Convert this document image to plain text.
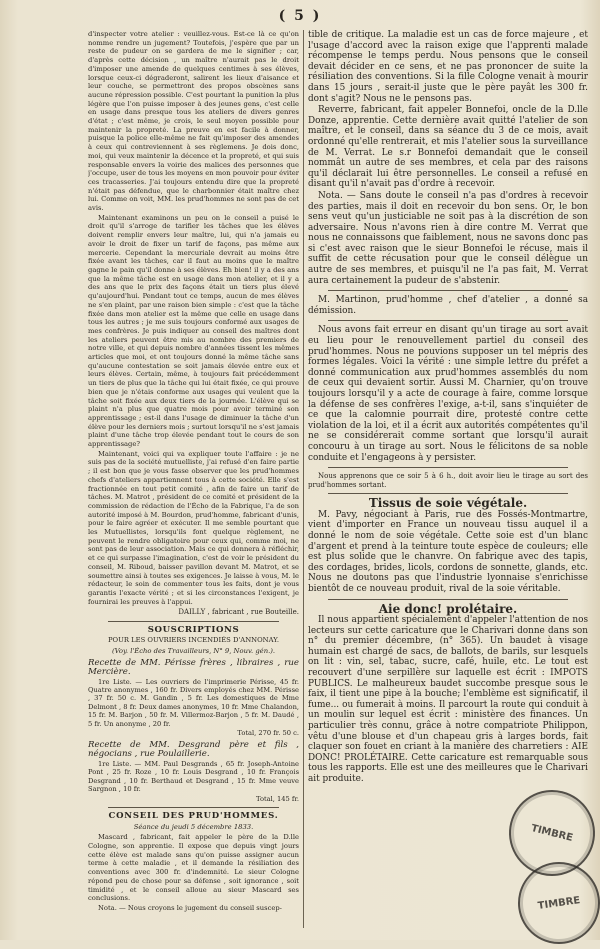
( 5 )

d'inspecter votre atelier : veuillez-vous. Est-ce là ce qu'on nomme rendre un jugement? Toutefois, j'espère que par un reste de pudeur on se gardera de me le signifier ; car, d'après cette décision , un maître n'aurait pas le droit d'imposer une amende de quelques centimes à ses élèves, lorsque ceux-ci dégraderont, salirent les lieux d'aisance et leur couche, se permettront des propos obscènes sans aucune répression possible. C'est pourtant la punition la plus légère que l'on puisse imposer à des jeunes gens, c'est celle en usage dans presque tous les ateliers de divers genres d'état ; c'est même, je crois, le seul moyen possible pour maintenir la propreté. La preuve en est facile à donner, puisque la police elle-même ne fait qu'imposer des amendes à ceux qui contreviennent à ses règlemens. Je dois donc, moi, qui veux maintenir la décence et la propreté, et qui suis responsable envers la voirie des malices des personnes que j'occupe, user de tous les moyens en mon pouvoir pour éviter ces tracasseries. J'ai toujours entendu dire que la propreté n'était pas défendue, que le charbonnier était maître chez lui. Comme on voit, MM. les prud'hommes ne sont pas de cet avis.

Maintenant examinons un peu on le conseil a puisé le droit qu'il s'arroge de tarifier les tâches que les élèves doivent remplir envers leur maître, lui, qui n'a jamais eu avoir le droit de fixer un tarif de façons, pas même aux mercerie. Cependant la mercuriale devrait au moins être fixée avant les tâches, car il faut au moins que le maître gagne le pain qu'il donne à ses élèves. Eh bien! il y a des ans que la même tâche est en usage dans mon atelier, et il y a des ans que le prix des façons était un tiers plus élevé qu'aujourd'hui. Pendant tout ce temps, aucun de mes élèves ne s'en plaint, par une raison bien simple : c'est que la tâche fixée dans mon atelier est la même que celle en usage dans tous les autres ; je me suis toujours conformé aux usages de mes confrères. Je puis indiquer au conseil des maîtres dont les ateliers peuvent être mis au nombre des premiers de notre ville, et qui depuis nombre d'années tissent les mêmes articles que moi, et ont toujours donné la même tâche sans qu'aucune contestation se soit jamais élevée entre eux et leurs élèves. Certain, même, à toujours fait précédemment un tiers de plus que la tâche qui lui était fixée, ce qui prouve bien que je n'étais conforme aux usages qui veulent que la tâche soit fixée aux deux tiers de la journée. L'élève qui se plaint n'a plus que quatre mois pour avoir terminé son apprentissage ; est-il dans l'usage de diminuer la tâche d'un élève pour les derniers mois ; surtout lorsqu'il ne s'est jamais plaint d'une tâche trop élevée pendant tout le cours de son apprentissage?

Maintenant, voici qui va expliquer toute l'affaire : je ne suis pas de la société mutuelliste, j'ai refusé d'en faire partie ; il est bon que je vous fasse observer que les prud'hommes chefs d'ateliers appartiennent tous à cette société. Elle s'est fractionnée en tout petit comité , afin de faire un tarif de tâches. M. Matrot , président de ce comité et président de la commission de rédaction de l'Écho de la Fabrique, l'a de son autorité imposé à M. Bourdon, prud'homme, fabricant d'unis, pour le faire agréer et exécuter. Il me semble pourtant que les Mutuellistes, lorsqu'ils font quelque règlement, ne peuvent le rendre obligatoire pour ceux qui, comme moi, ne sont pas de leur association. Mais ce qui donnera à réfléchir, et ce qui surpasse l'imagination, c'est de voir le président du conseil, M. Riboud, baisser pavillon devant M. Matrot, et se soumettre ainsi à toutes ses exigences. Je laisse à vous, M. le rédacteur, le soin de commenter tous les faits, dont je vous garantis l'exacte vérité ; et si les circonstances l'exigent, je fournirai les preuves à l'appui.

DAILLY , fabricant , rue Bouteille.
SOUSCRIPTIONS
POUR LES OUVRIERS INCENDIÉS D'ANNONAY.
(Voy. l'Écho des Travailleurs, N° 9, Nouv. gén.).

Recette de MM. Périsse frères , libraires , rue Mercière.

1re Liste. — Les ouvriers de l'imprimerie Périsse, 45 fr. Quatre anonymes , 160 fr. Divers employés chez MM. Périsse , 37 fr. 50 c. M. Gandin , 5 fr. Les domestiques de Mme Delmont , 8 fr. Deux dames anonymes, 10 fr. Mme Chalandon, 15 fr. M. Barjon , 50 fr. M. Villermoz-Barjon , 5 fr. M. Daudé , 5 fr. Un anonyme , 20 fr.

Total, 270 fr. 50 c.

Recette de MM. Desgrand père et fils , négocians , rue Poulaillerie.

1re Liste. — MM. Paul Desgrands , 65 fr. Joseph-Antoine Pont , 25 fr. Roze , 10 fr. Louis Desgrand , 10 fr. François Desgrand , 10 fr. Berthaud et Desgrand , 15 fr. Mme veuve Sargnon , 10 fr.

Total, 145 fr.
CONSEIL DES PRUD'HOMMES.
Séance du jeudi 5 décembre 1833.

Mascard , fabricant, fait appeler le père de la D.lle Cologne, son apprentie. Il expose que depuis vingt jours cette élève est malade sans qu'on puisse assigner aucun terme à cette maladie , et il demande la résiliation des conventions avec 300 fr. d'indemnité. Le sieur Cologne répond peu de chose pour sa défense , soit ignorance , soit timidité , et le conseil alloue au sieur Mascard ses conclusions.

Nota. — Nous croyons le jugement du conseil suscep-

tible de critique. La maladie est un cas de force majeure , et l'usage d'accord avec la raison exige que l'apprenti malade récompense le temps perdu. Nous pensons que le conseil devait décider en ce sens, et ne pas prononcer de suite la résiliation des conventions. Si la fille Cologne venait à mourir dans 15 jours , serait-il juste que le père payât les 300 fr. dont s'agit? Nous ne le pensons pas.

Reverre, fabricant, fait appeler Bonnefoi, oncle de la D.lle Donze, apprentie. Cette dernière avait quitté l'atelier de son maître, et le conseil, dans sa séance du 3 de ce mois, avait ordonné qu'elle rentrerait, et mis l'atelier sous la surveillance de M. Verrat. Le s.r Bonnefoi demandait que le conseil nommât un autre de ses membres, et cela par des raisons qu'il déclarait lui être personnelles. Le conseil a refusé en disant qu'il n'avait pas d'ordre à recevoir.

Nota. — Sans doute le conseil n'a pas d'ordres à recevoir des parties, mais il doit en recevoir du bon sens. Or, le bon sens veut qu'un justiciable ne soit pas à la discrétion de son adversaire. Nous n'avons rien à dire contre M. Verrat que nous ne connaissons que faiblement, nous ne savons donc pas si c'est avec raison que le sieur Bonnefoi le récuse, mais il suffit de cette récusation pour que le conseil délègue un autre de ses membres, et puisqu'il ne l'a pas fait, M. Verrat aura certainement la pudeur de s'abstenir.

M. Martinon, prud'homme , chef d'atelier , a donné sa démission.

Nous avons fait erreur en disant qu'un tirage au sort avait eu lieu pour le renouvellement partiel du conseil des prud'hommes. Nous ne pouvions supposer un tel mépris des formes légales. Voici la vérité : une simple lettre du préfet a donné communication aux prud'hommes assemblés du nom de ceux qui devaient sortir. Aussi M. Charnier, qu'on trouve toujours lorsqu'il y a acte de courage à faire, comme lorsque la défense de ses confrères l'exige, a-t-il, sans s'inquiéter de ce que la calomnie pourrait dire, protesté contre cette violation de la loi, et il a écrit aux autorités compétentes qu'il ne se considérerait comme sortant que lorsqu'il aurait concouru à un tirage au sort. Nous le félicitons de sa noble conduite et l'engageons à y persister.

Nous apprenons que ce soir 5 à 6 h., doit avoir lieu le tirage au sort des prud'hommes sortant.

Tissus de soie végétale.

M. Pavy, négociant à Paris, rue des Fossés-Montmartre, vient d'importer en France un nouveau tissu auquel il a donné le nom de soie végétale. Cette soie est d'un blanc d'argent et prend à la teinture toute espèce de couleurs; elle est plus solide que le chanvre. On fabrique avec des tapis, des cordages, brides, licols, cordons de sonnette, glands, etc. Nous ne doutons pas que l'industrie lyonnaise s'enrichisse bientôt de ce nouveau produit, rival de la soie véritable.

Aie donc! prolétaire.

Il nous appartient spécialement d'appeler l'attention de nos lecteurs sur cette caricature que le Charivari donne dans son n° du premier décembre, (n° 365). Un baudet à visage humain est chargé de sacs, de ballots, de barils, sur lesquels on lit : vin, sel, tabac, sucre, café, huile, etc. Le tout est recouvert d'une serpillère sur laquelle est écrit : IMPOTS PUBLICS. Le malheureux baudet succombe presque sous le faix, il tient une pipe à la bouche; l'emblème est significatif, il fume... ou fumerait à moins. Il parcourt la route qui conduit à un moulin sur lequel est écrit : ministère des finances. Un particulier très connu, grâce à notre compatriote Philippon, vêtu d'une blouse et d'un chapeau gris à larges bords, fait claquer son fouet en criant à la manière des charretiers : AIE DONC! PROLÉTAIRE. Cette caricature est remarquable sous tous les rapports. Elle est une des meilleures que le Charivari ait produite.

TIMBRE
TIMBRE
